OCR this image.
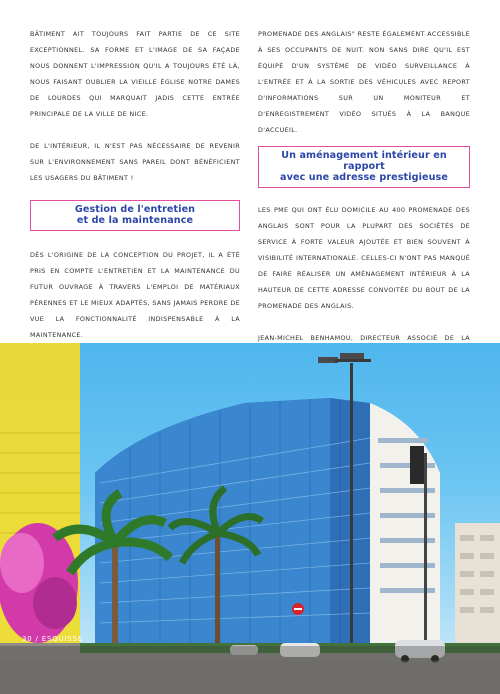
BÂTIMENT AIT TOUJOURS FAIT PARTIE DE CE SITE EXCEPTIONNEL. SA FORME ET L'IMAGE DE SA FAÇADE NOUS DONNENT L'IMPRESSION QU'IL A TOUJOURS ÉTÉ LÀ, NOUS FAISANT OUBLIER LA VIEILLE ÉGLISE NOTRE DAMES DE LOURDES QUI MARQUAIT JADIS CETTE ENTRÉE PRINCIPALE DE LA VILLE DE NICE.

DE L'INTÉRIEUR, IL N'EST PAS NÉCESSAIRE DE REVENIR SUR L'ENVIRONNEMENT SANS PAREIL DONT BÉNÉFICIENT LES USAGERS DU BÂTIMENT !

Gestion de l'entretien
et de la maintenance

DÈS L'ORIGINE DE LA CONCEPTION DU PROJET, IL A ÉTÉ PRIS EN COMPTE L'ENTRETIEN ET LA MAINTENANCE DU FUTUR OUVRAGE À TRAVERS L'EMPLOI DE MATÉRIAUX PÉRENNES ET LE MIEUX ADAPTÉS, SANS JAMAIS PERDRE DE VUE LA FONCTIONNALITÉ INDISPENSABLE À LA MAINTENANCE.

PROMENADE DES ANGLAIS" RESTE ÉGALEMENT ACCESSIBLE À SES OCCUPANTS DE NUIT. NON SANS DIRE QU'IL EST ÉQUIPÉ D'UN SYSTÈME DE VIDÉO SURVEILLANCE À L'ENTRÉE ET À LA SORTIE DES VÉHICULES AVEC REPORT D'INFORMATIONS SUR UN MONITEUR ET D'ENREGISTREMENT VIDÉO SITUÉS À LA BANQUE D'ACCUEIL.

Un aménagement intérieur en rapport
avec une adresse prestigieuse

LES PME QUI ONT ÉLU DOMICILE AU 400 PROMENADE DES ANGLAIS SONT POUR LA PLUPART DES SOCIÉTÉS DE SERVICE À FORTE VALEUR AJOUTÉE ET BIEN SOUVENT À VISIBILITÉ INTERNATIONALE. CELLES-CI N'ONT PAS MANQUÉ DE FAIRE RÉALISER UN AMÉNAGEMENT INTÉRIEUR À LA HAUTEUR DE CETTE ADRESSE CONVOITÉE DU BOUT DE LA PROMENADE DES ANGLAIS.

JEAN-MICHEL BENHAMOU, DIRECTEUR ASSOCIÉ DE LA

30 / ESQUISSE
